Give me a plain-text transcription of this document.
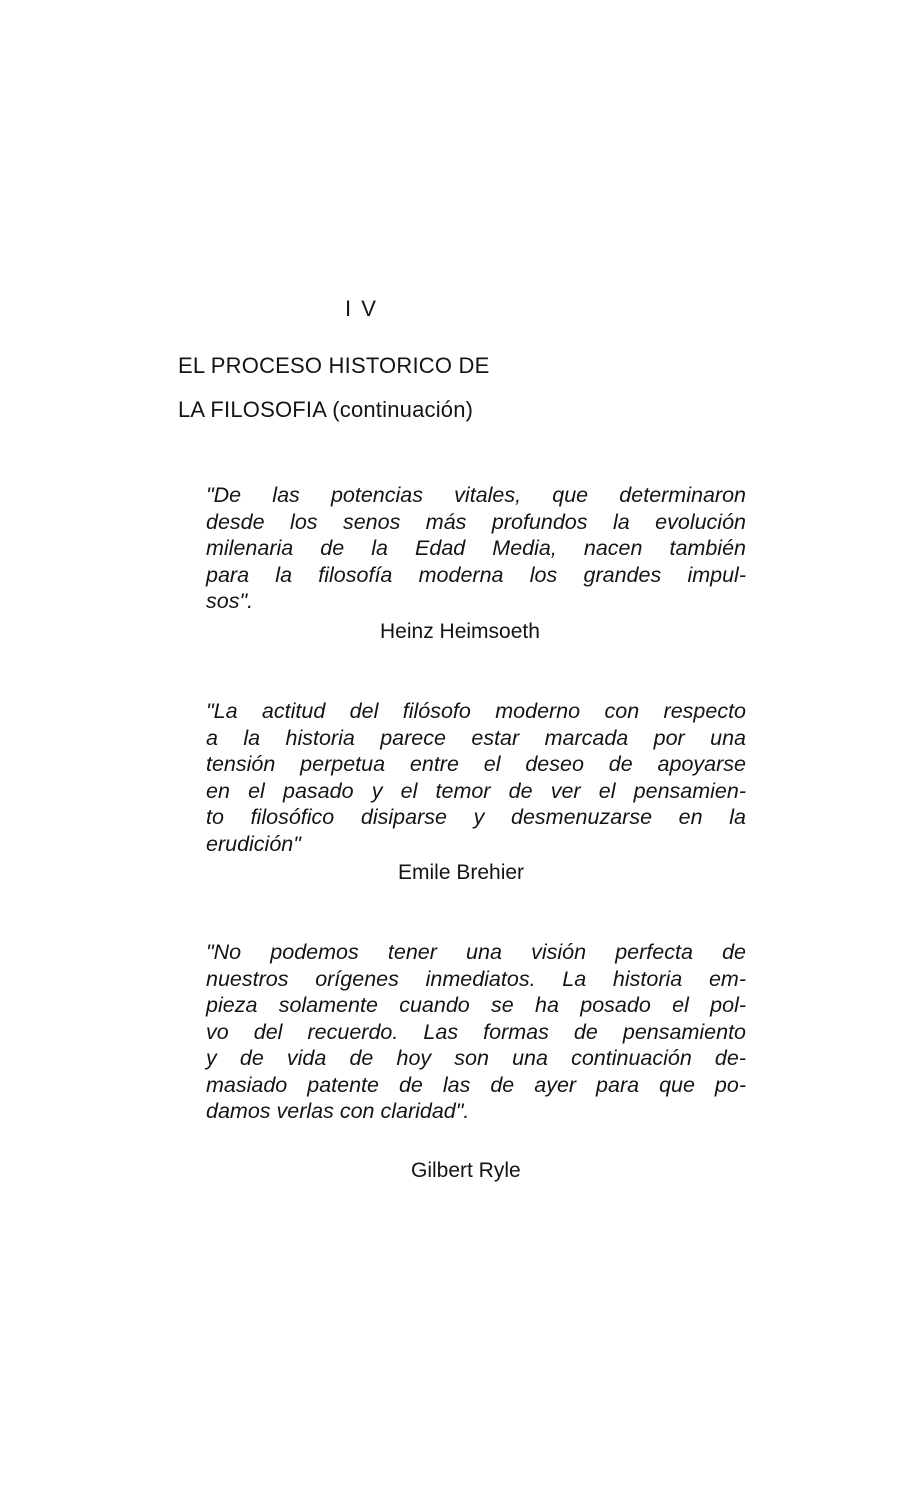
I V
EL PROCESO HISTORICO DE
LA FILOSOFIA (continuación)
"De las potencias vitales, que determinaron
desde los senos más profundos la evolución
milenaria de la Edad Media, nacen también
para la filosofía moderna los grandes impul-
sos".
Heinz Heimsoeth
"La actitud del filósofo moderno con respecto
a la historia parece estar marcada por una
tensión perpetua entre el deseo de apoyarse
en el pasado y el temor de ver el pensamien-
to filosófico disiparse y desmenuzarse en la
erudición"
Emile Brehier
"No podemos tener una visión perfecta de
nuestros orígenes inmediatos. La historia em-
pieza solamente cuando se ha posado el pol-
vo del recuerdo. Las formas de pensamiento
y de vida de hoy son una continuación de-
masiado patente de las de ayer para que po-
damos verlas con claridad".
Gilbert Ryle
